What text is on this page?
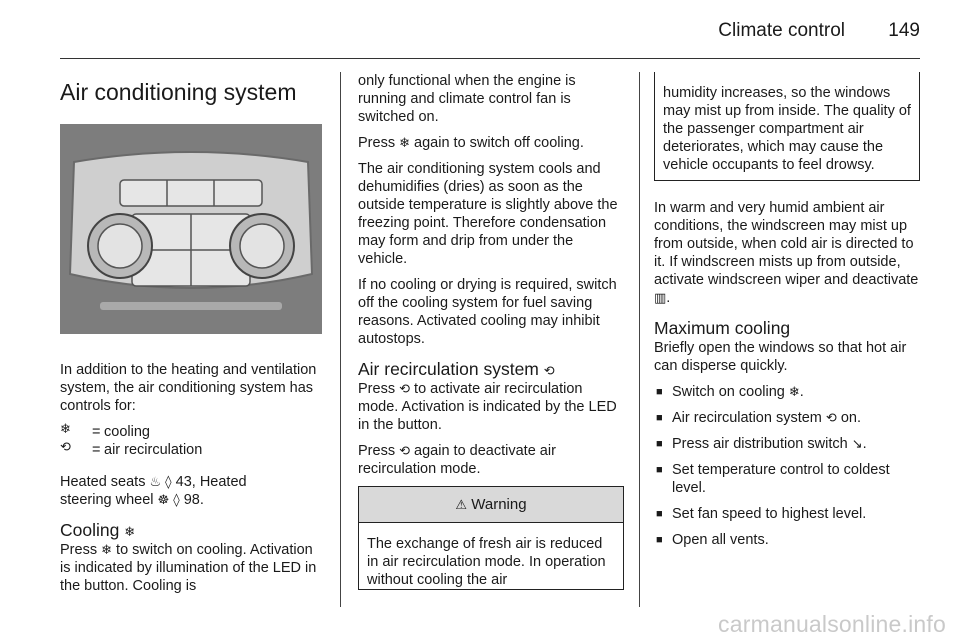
Climate control 149
Air conditioning system

In addition to the heating and ventilation system, the air conditioning system has controls for:

❄	= cooling
⟲	= air recirculation

Heated seats ♨ ◊ 43, Heated
steering wheel ☸ ◊ 98.

Cooling ❄

Press ❄ to switch on cooling. Activation is indicated by illumination of the LED in the button. Cooling is

only functional when the engine is running and climate control fan is switched on.

Press ❄ again to switch off cooling.

The air conditioning system cools and dehumidifies (dries) as soon as the outside temperature is slightly above the freezing point. Therefore condensation may form and drip from under the vehicle.

If no cooling or drying is required, switch off the cooling system for fuel saving reasons. Activated cooling may inhibit autostops.

Air recirculation system ⟲

Press ⟲ to activate air recirculation mode. Activation is indicated by the LED in the button.

Press ⟲ again to deactivate air recirculation mode.

⚠ Warning
The exchange of fresh air is reduced in air recirculation mode. In operation without cooling the air
humidity increases, so the windows may mist up from inside. The quality of the passenger compartment air deteriorates, which may cause the vehicle occupants to feel drowsy.

In warm and very humid ambient air conditions, the windscreen may mist up from outside, when cold air is directed to it. If windscreen mists up from outside, activate windscreen wiper and deactivate ▥.

Maximum cooling

Briefly open the windows so that hot air can disperse quickly.

■ Switch on cooling ❄.
■ Air recirculation system ⟲ on.
■ Press air distribution switch ↘.
■ Set temperature control to coldest level.
■ Set fan speed to highest level.
■ Open all vents.
carmanualsonline.info
